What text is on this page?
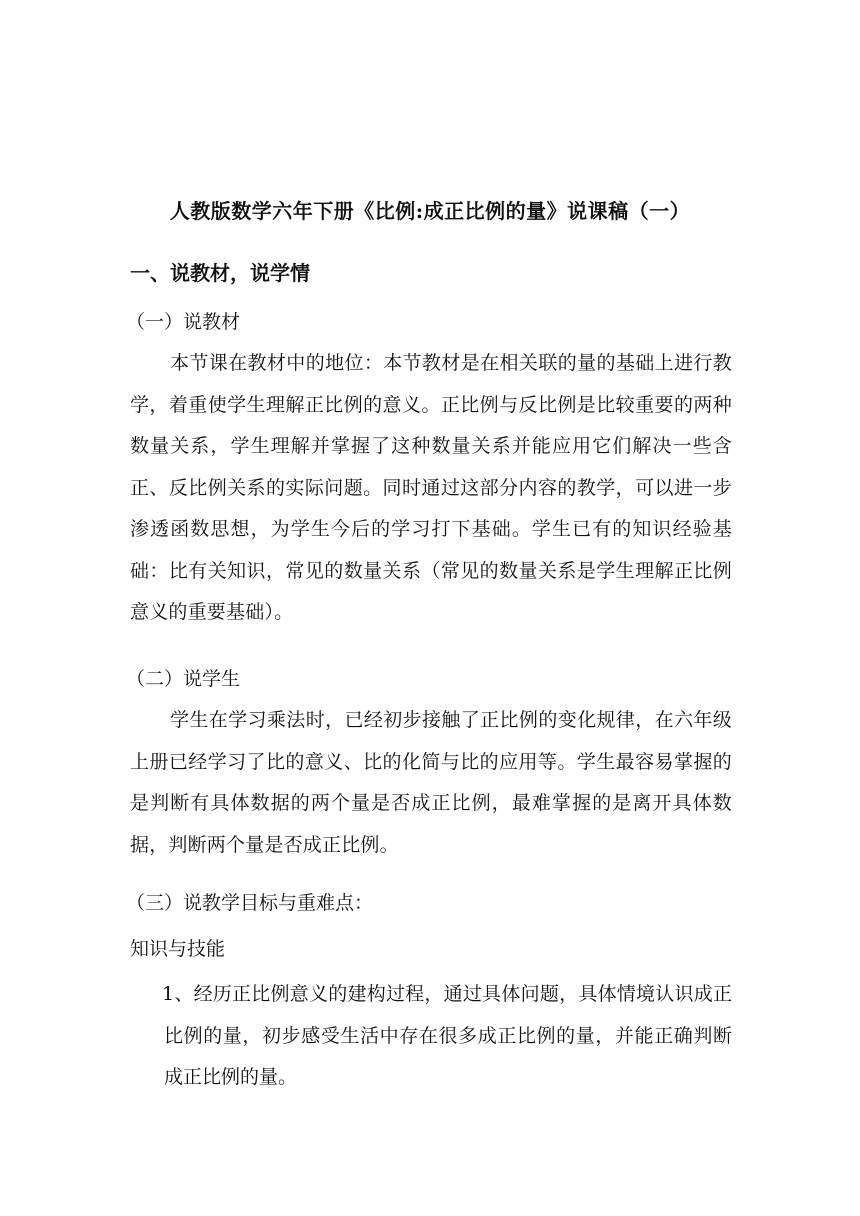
人教版数学六年下册《比例:成正比例的量》说课稿（一）
一、说教材，说学情
（一）说教材
本节课在教材中的地位：本节教材是在相关联的量的基础上进行教学，着重使学生理解正比例的意义。正比例与反比例是比较重要的两种数量关系，学生理解并掌握了这种数量关系并能应用它们解决一些含正、反比例关系的实际问题。同时通过这部分内容的教学，可以进一步渗透函数思想，为学生今后的学习打下基础。学生已有的知识经验基础：比有关知识，常见的数量关系（常见的数量关系是学生理解正比例意义的重要基础）。
（二）说学生
学生在学习乘法时，已经初步接触了正比例的变化规律，在六年级上册已经学习了比的意义、比的化简与比的应用等。学生最容易掌握的是判断有具体数据的两个量是否成正比例，最难掌握的是离开具体数据，判断两个量是否成正比例。
（三）说教学目标与重难点：
知识与技能
1、经历正比例意义的建构过程，通过具体问题，具体情境认识成正比例的量，初步感受生活中存在很多成正比例的量，并能正确判断成正比例的量。
